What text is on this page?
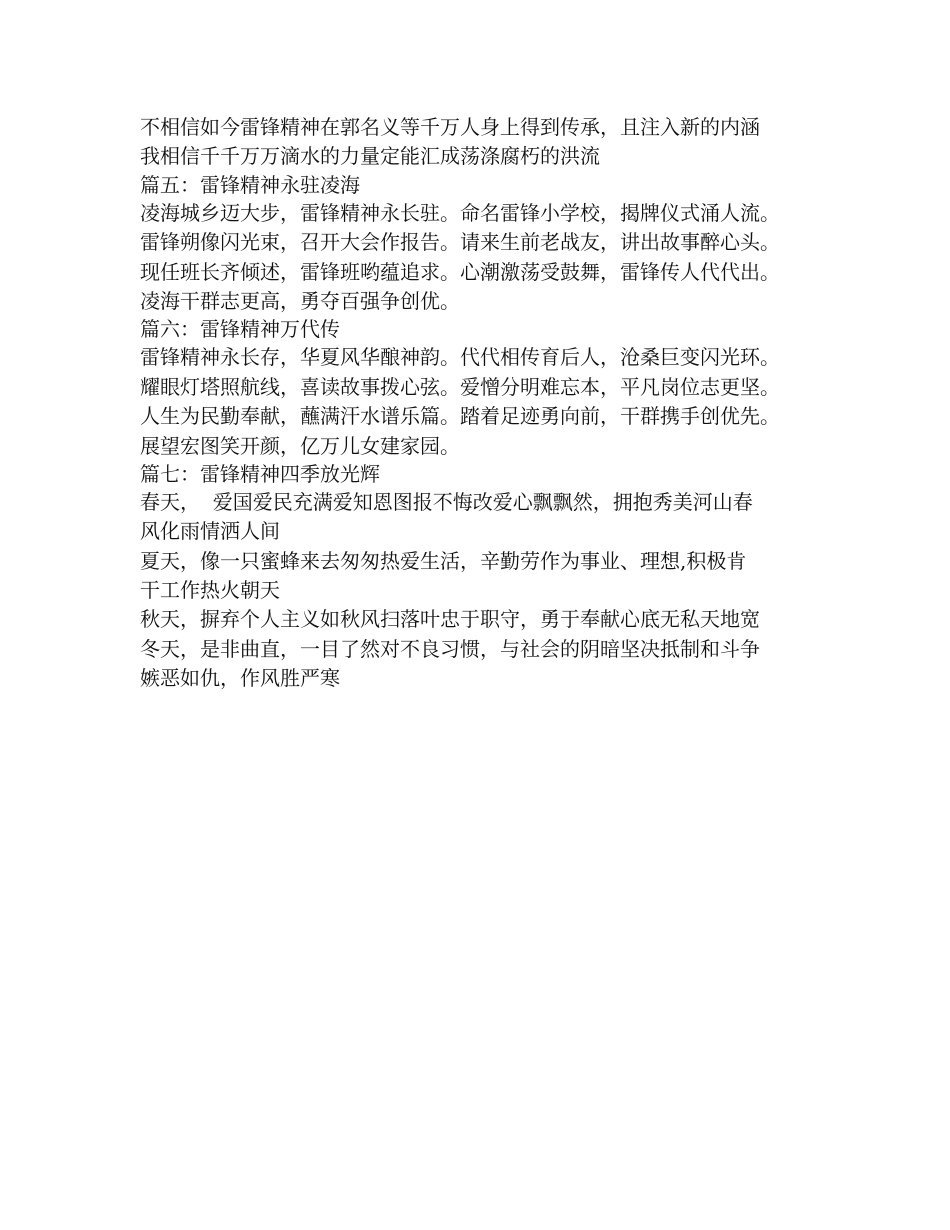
不相信如今雷锋精神在郭名义等千万人身上得到传承，且注入新的内涵
我相信千千万万滴水的力量定能汇成荡涤腐朽的洪流
篇五：雷锋精神永驻凌海
凌海城乡迈大步，雷锋精神永长驻。命名雷锋小学校，揭牌仪式涌人流。
雷锋朔像闪光束，召开大会作报告。请来生前老战友，讲出故事醉心头。
现任班长齐倾述，雷锋班哟蕴追求。心潮激荡受鼓舞，雷锋传人代代出。
凌海干群志更高，勇夺百强争创优。
篇六：雷锋精神万代传
雷锋精神永长存，华夏风华酿神韵。代代相传育后人，沧桑巨变闪光环。
耀眼灯塔照航线，喜读故事拨心弦。爱憎分明难忘本，平凡岗位志更坚。
人生为民勤奉献，蘸满汗水谱乐篇。踏着足迹勇向前，干群携手创优先。
展望宏图笑开颜，亿万儿女建家园。
篇七：雷锋精神四季放光辉
春天，  爱国爱民充满爱知恩图报不悔改爱心飘飘然，拥抱秀美河山春
风化雨情洒人间
夏天，像一只蜜蜂来去匆匆热爱生活，辛勤劳作为事业、理想,积极肯
干工作热火朝天
秋天，摒弃个人主义如秋风扫落叶忠于职守，勇于奉献心底无私天地宽
冬天，是非曲直，一目了然对不良习惯，与社会的阴暗坚决抵制和斗争
嫉恶如仇，作风胜严寒
